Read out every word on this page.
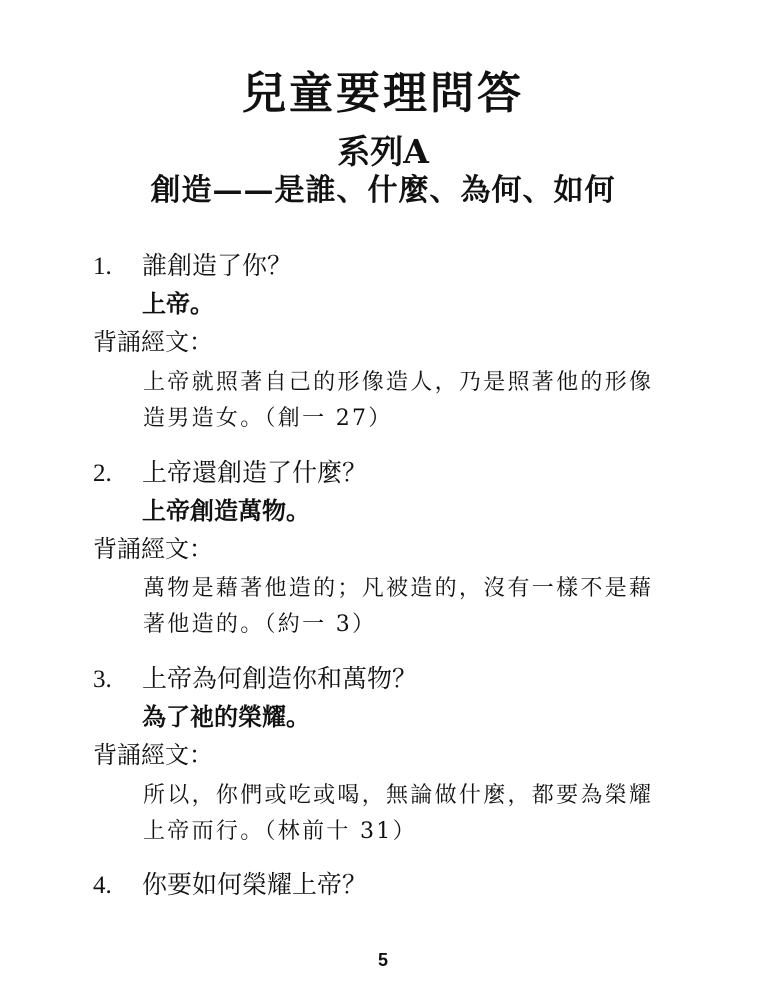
兒童要理問答
系列A
創造——是誰、什麼、為何、如何
1. 誰創造了你？
上帝。
背誦經文：
上帝就照著自己的形像造人，乃是照著他的形像造男造女。（創一 27）
2. 上帝還創造了什麼？
上帝創造萬物。
背誦經文：
萬物是藉著他造的；凡被造的，沒有一樣不是藉著他造的。（約一 3）
3. 上帝為何創造你和萬物？
為了祂的榮耀。
背誦經文：
所以，你們或吃或喝，無論做什麼，都要為榮耀上帝而行。（林前十 31）
4. 你要如何榮耀上帝？
5
